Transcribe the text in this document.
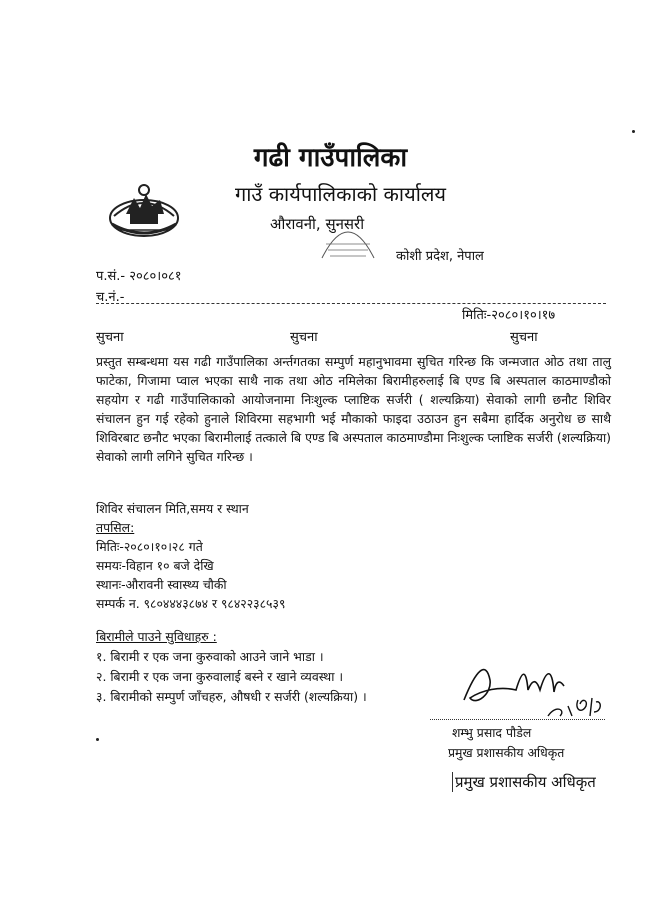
गढी गाउँपालिका
गाउँ कार्यपालिकाको कार्यालय
औरावनी, सुनसरी
कोशी प्रदेश, नेपाल
प.सं.- २०८०।०८१
च.नं.-
मितिः-२०८०।१०।१७
सुचना	सुचना	सुचना
प्रस्तुत सम्बन्धमा यस गढी गाउँपालिका अर्न्तगतका सम्पुर्ण महानुभावमा सुचित गरिन्छ कि जन्मजात ओठ तथा तालु फाटेका, गिजामा प्वाल भएका साथै नाक तथा ओठ नमिलेका बिरामीहरुलाई बि एण्ड बि अस्पताल काठमाण्डौको सहयोग र गढी गाउँपालिकाको आयोजनामा निःशुल्क प्लाष्टिक सर्जरी ( शल्यक्रिया) सेवाको लागी छनौट शिविर संचालन हुन गई रहेको हुनाले शिविरमा सहभागी भई मौकाको फाइदा उठाउन हुन सबैमा हार्दिक अनुरोध छ साथै शिविरबाट छनौट भएका बिरामीलाई तत्काले बि एण्ड बि अस्पताल काठमाण्डौमा निःशुल्क प्लाष्टिक सर्जरी (शल्यक्रिया) सेवाको लागी लगिने सुचित गरिन्छ ।
शिविर संचालन मिति,समय र स्थान
तपसिल:
मितिः-२०८०।१०।२८ गते
समयः-विहान १० बजे देखि
स्थानः-औरावनी स्वास्थ्य चौकी
सम्पर्क न. ९८०४४४३८७४ र ९८४२२३८५३९
बिरामीले पाउने सुविधाहरु :
१. बिरामी र एक जना कुरुवाको आउने जाने भाडा ।
२. बिरामी र एक जना कुरुवालाई बस्ने र खाने व्यवस्था ।
३. बिरामीको सम्पुर्ण जाँचहरु, औषधी र सर्जरी (शल्यक्रिया) ।
शम्भु प्रसाद पौडेल
प्रमुख प्रशासकीय अधिकृत
प्रमुख प्रशासकीय अधिकृत
